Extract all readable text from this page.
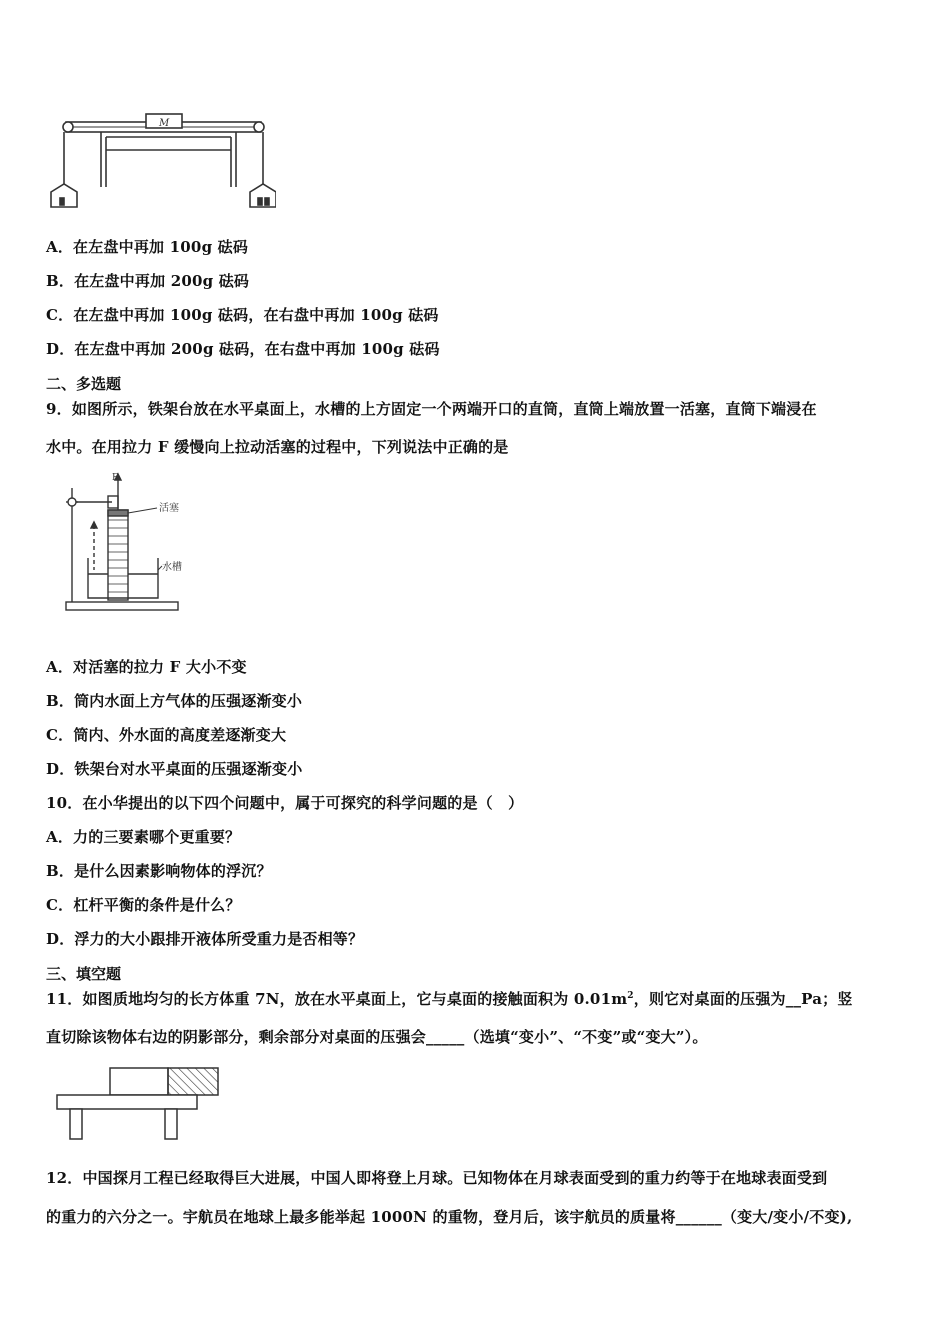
M
A．在左盘中再加 100g 砝码
B．在左盘中再加 200g 砝码
C．在左盘中再加 100g 砝码，在右盘中再加 100g 砝码
D．在左盘中再加 200g 砝码，在右盘中再加 100g 砝码
二、多选题
9．如图所示，铁架台放在水平桌面上，水槽的上方固定一个两端开口的直筒，直筒上端放置一活塞，直筒下端浸在
水中。在用拉力 F 缓慢向上拉动活塞的过程中，下列说法中正确的是
F
活塞
水槽
A．对活塞的拉力 F 大小不变
B．筒内水面上方气体的压强逐渐变小
C．筒内、外水面的高度差逐渐变大
D．铁架台对水平桌面的压强逐渐变小
10．在小华提出的以下四个问题中，属于可探究的科学问题的是（　）
A．力的三要素哪个更重要？
B．是什么因素影响物体的浮沉？
C．杠杆平衡的条件是什么？
D．浮力的大小跟排开液体所受重力是否相等？
三、填空题
11．如图质地均匀的长方体重 7N，放在水平桌面上，它与桌面的接触面积为 $0.01m^2$，则它对桌面的压强为__Pa；竖
直切除该物体右边的阴影部分，剩余部分对桌面的压强会_____（选填“变小”、“不变”或“变大”）。
12．中国探月工程已经取得巨大进展，中国人即将登上月球。已知物体在月球表面受到的重力约等于在地球表面受到
的重力的六分之一。宇航员在地球上最多能举起 1000N 的重物，登月后，该宇航员的质量将______（变大/变小/不变),
